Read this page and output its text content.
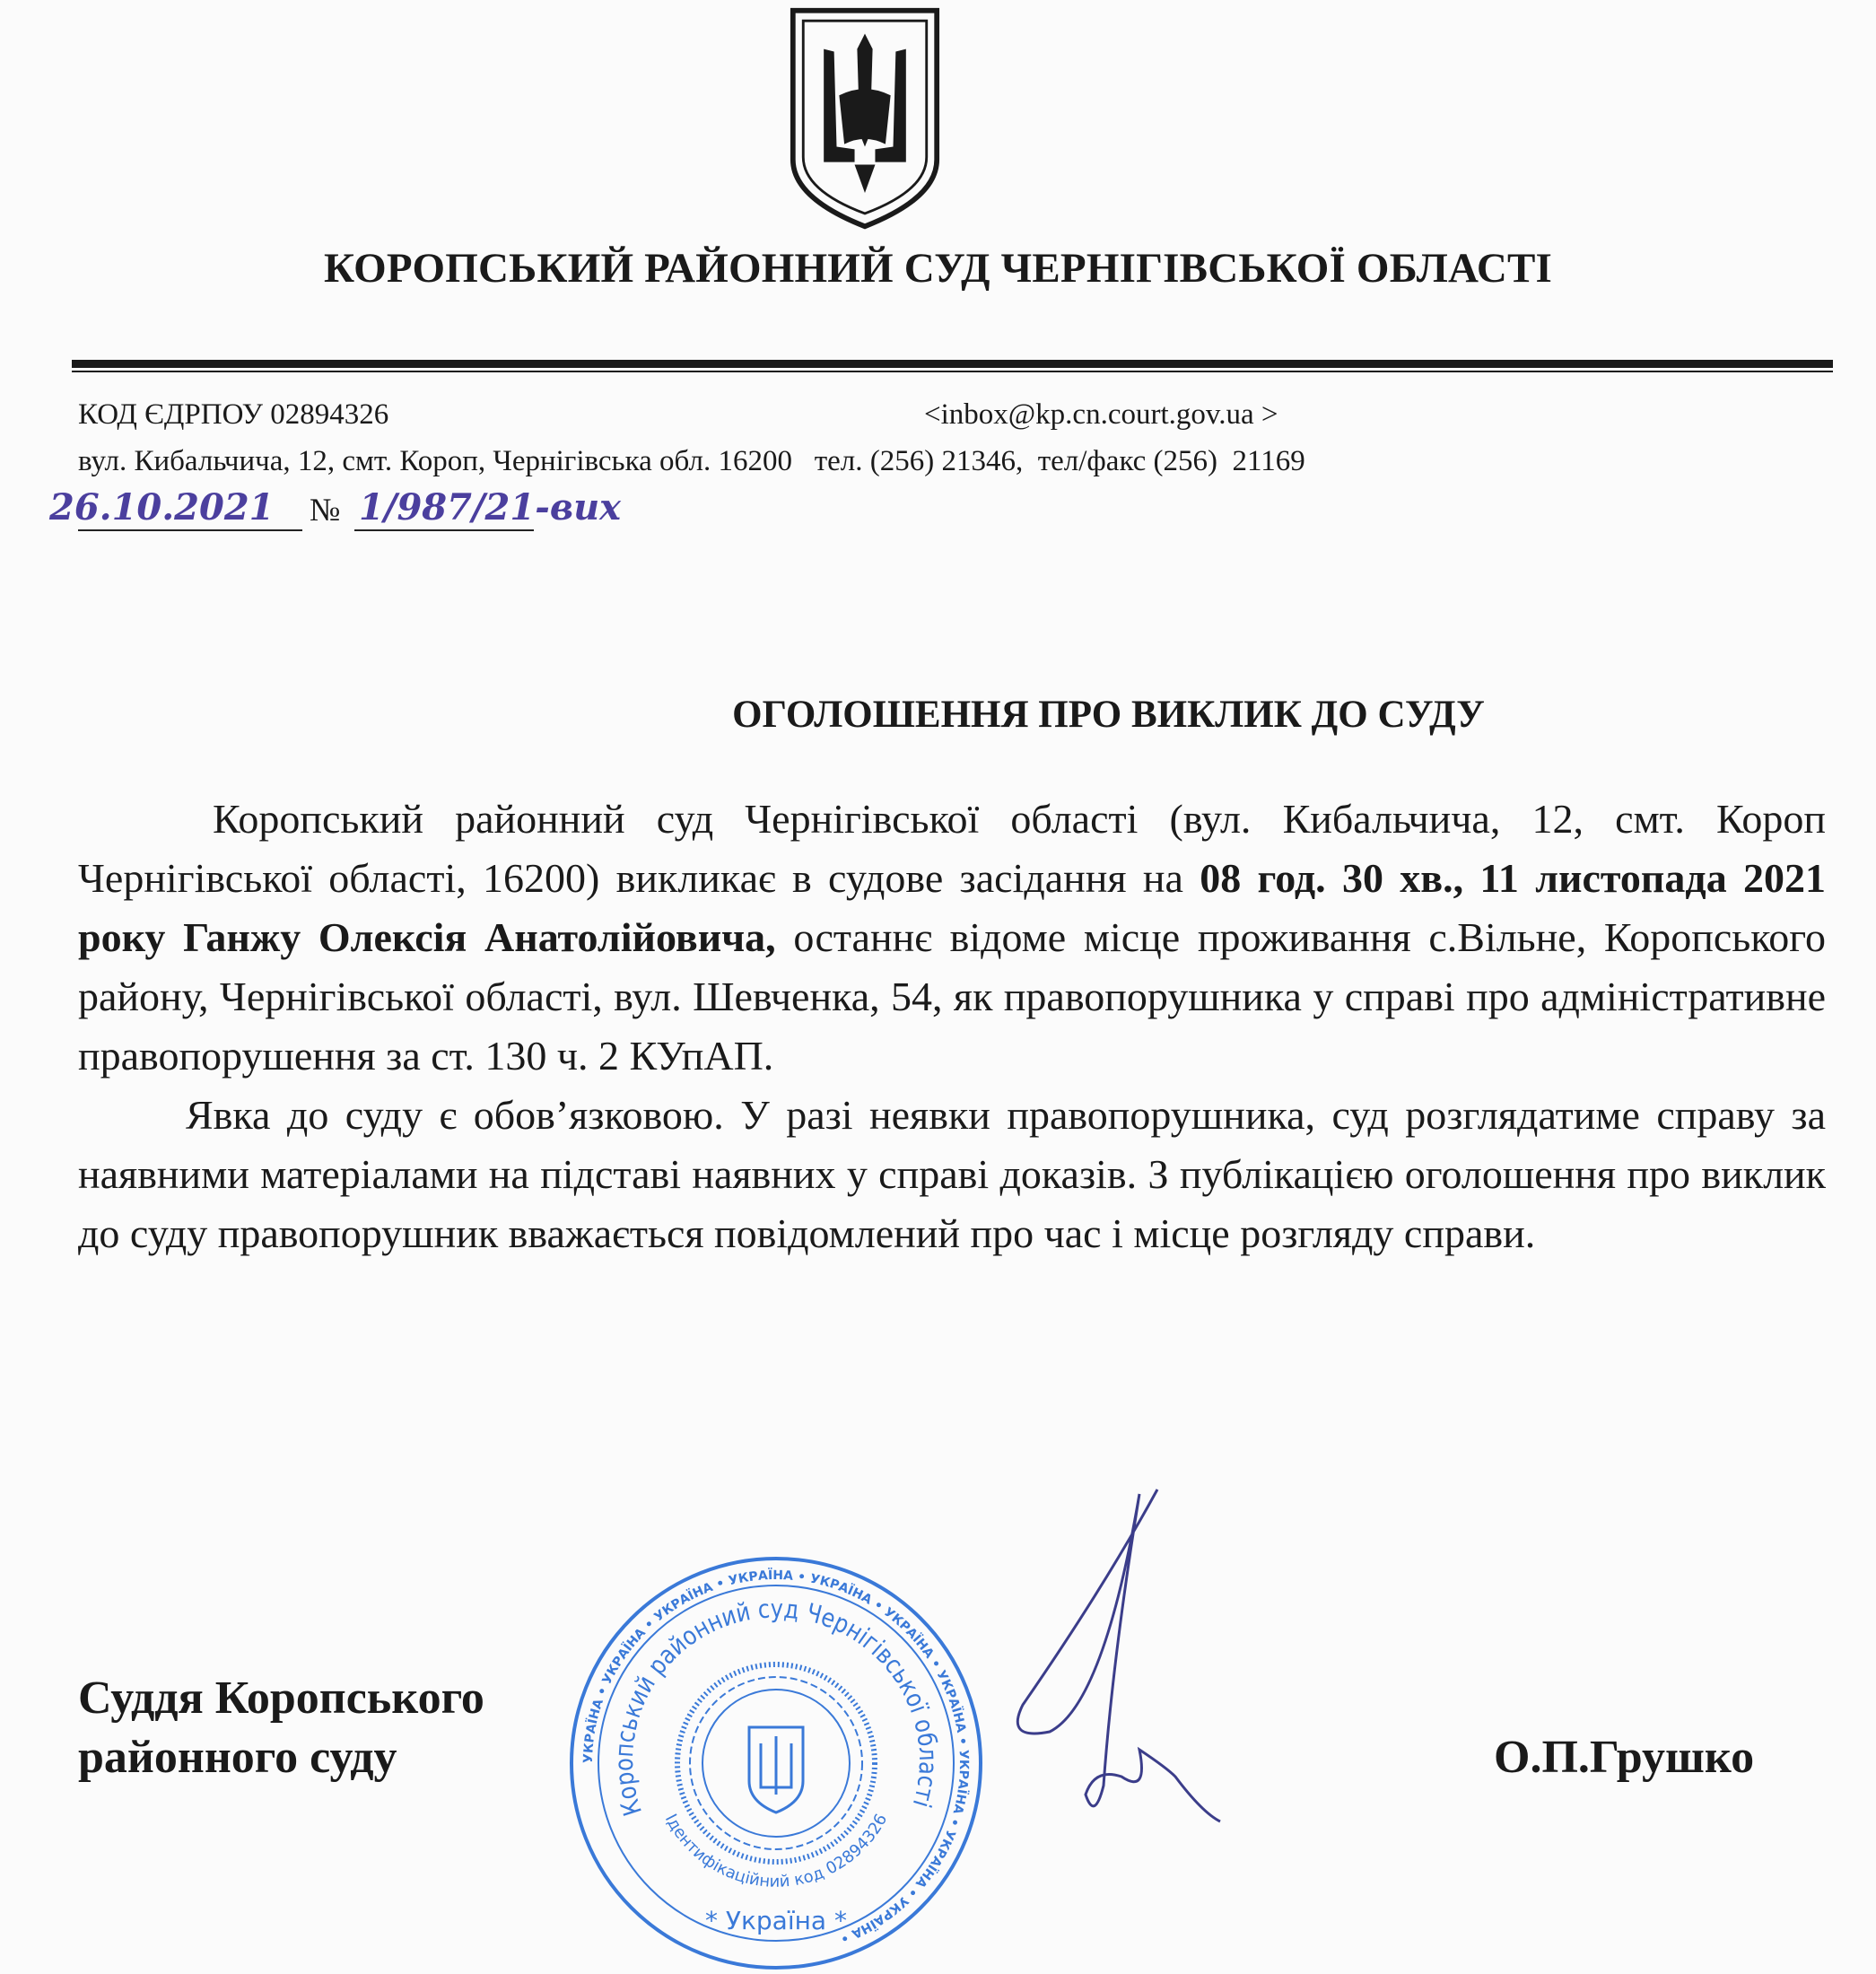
КОРОПСЬКИЙ РАЙОННИЙ СУД ЧЕРНІГІВСЬКОЇ ОБЛАСТІ
КОД ЄДРПОУ 02894326	<inbox@kp.cn.court.gov.ua >
вул. Кибальчича, 12, смт. Короп, Чернігівська обл. 16200   тел. (256) 21346,  тел/факс (256)  21169
№
26.10.2021 1/987/21-вих
ОГОЛОШЕННЯ ПРО ВИКЛИК ДО СУДУ

Коропський районний суд Чернігівської області (вул. Кибальчича, 12, смт. Короп Чернігівської області, 16200) викликає в судове засідання на 08 год. 30 хв., 11 листопада 2021 року Ганжу Олексія Анатолійовича, останнє відоме місце проживання с.Вільне, Коропського району, Чернігівської області, вул. Шевченка, 54, як правопорушника у справі про адміністративне правопорушення за ст. 130 ч. 2 КУпАП.

Явка до суду є обов’язковою. У разі неявки правопорушника, суд розглядатиме справу за наявними матеріалами на підставі наявних у справі доказів. З публікацією оголошення про виклик до суду правопорушник вважається повідомлений про час і місце розгляду справи.

УКРАЇНА • УКРАЇНА • УКРАЇНА • УКРАЇНА • УКРАЇНА • УКРАЇНА • УКРАЇНА • УКРАЇНА • УКРАЇНА • УКРАЇНА •
Коропський районний суд Чернігівської області
Ідентифікаційний код 02894326
* Україна *
Суддя Коропського
районного суду	О.П.Грушко
